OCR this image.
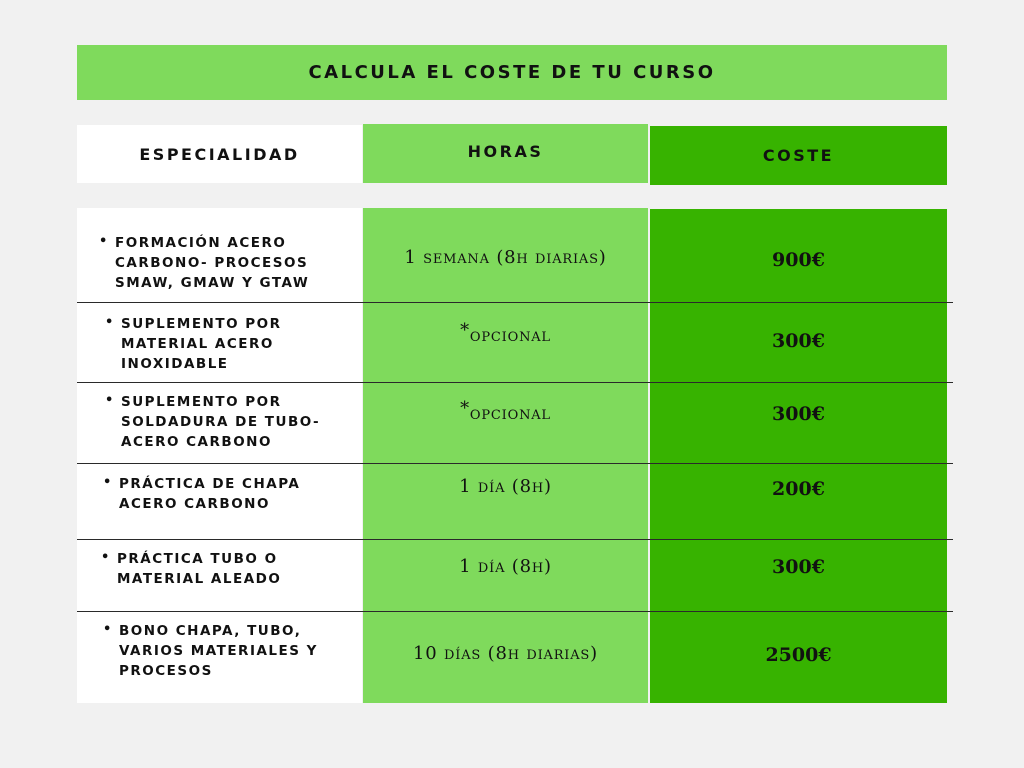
CALCULA EL COSTE DE TU CURSO
ESPECIALIDAD	HORAS	COSTE
• FORMACIÓN ACERO
CARBONO- PROCESOS
SMAW, GMAW Y GTAW
1 semana (8h diarias)	900€
• SUPLEMENTO POR
MATERIAL ACERO
INOXIDABLE
*opcional	300€
• SUPLEMENTO POR
SOLDADURA DE TUBO-
ACERO CARBONO
*opcional	300€
• PRÁCTICA DE CHAPA
ACERO CARBONO
1 día (8h)	200€
• PRÁCTICA TUBO O
MATERIAL ALEADO
1 día (8h)	300€
• BONO CHAPA, TUBO,
VARIOS MATERIALES Y
PROCESOS
10 días (8h diarias)	2500€
